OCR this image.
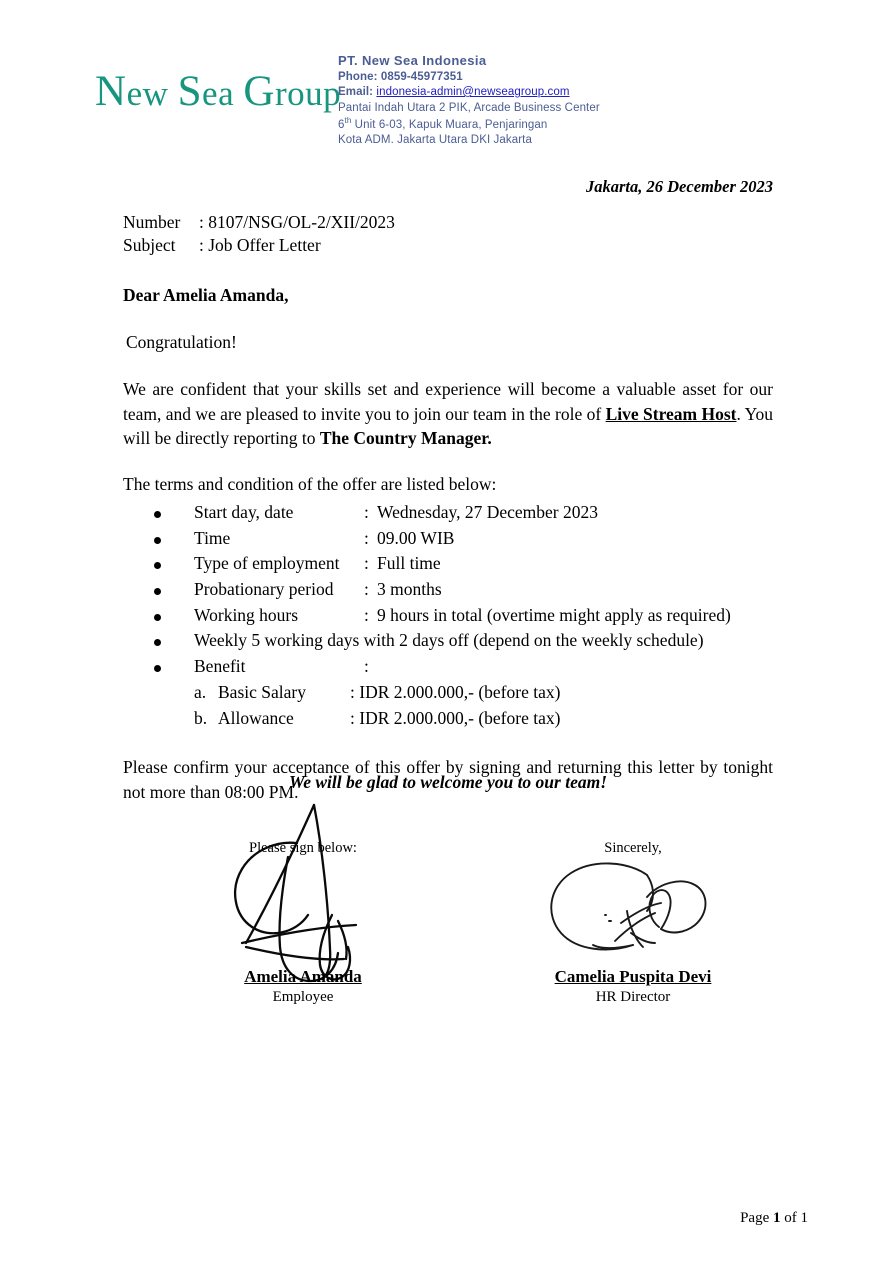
New Sea Group
PT. New Sea Indonesia
Phone: 0859-45977351
Email: indonesia-admin@newseagroup.com
Pantai Indah Utara 2 PIK, Arcade Business Center
6th Unit 6-03, Kapuk Muara, Penjaringan
Kota ADM. Jakarta Utara DKI Jakarta
Jakarta, 26 December 2023
Number	: 8107/NSG/OL-2/XII/2023
Subject	: Job Offer Letter
Dear Amelia Amanda,
Congratulation!
We are confident that your skills set and experience will become a valuable asset for our team, and we are pleased to invite you to join our team in the role of Live Stream Host. You will be directly reporting to The Country Manager.
The terms and condition of the offer are listed below:
Start day, date	: Wednesday, 27 December 2023
Time	: 09.00 WIB
Type of employment : Full time
Probationary period : 3 months
Working hours	: 9 hours in total (overtime might apply as required)
Weekly 5 working days with 2 days off (depend on the weekly schedule)
Benefit	:
a. Basic Salary	: IDR 2.000.000,- (before tax)
b. Allowance	: IDR 2.000.000,- (before tax)
Please confirm your acceptance of this offer by signing and returning this letter by tonight not more than 08:00 PM.
We will be glad to welcome you to our team!
Please sign below:
Amelia Amanda
Employee
Sincerely,
Camelia Puspita Devi
HR Director
Page 1 of 1
